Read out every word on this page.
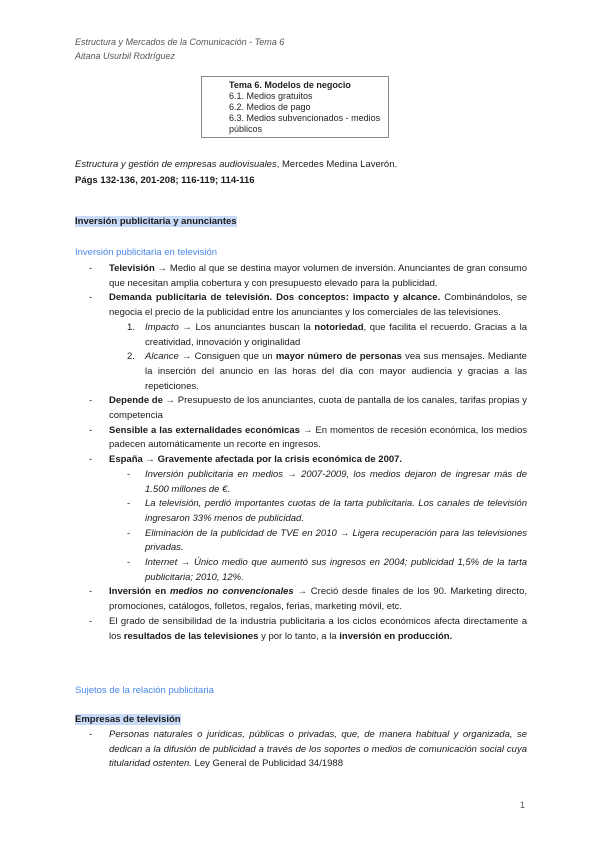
Estructura y Mercados de la Comunicación - Tema 6
Aitana Usurbil Rodríguez
Tema 6. Modelos de negocio
6.1. Medios gratuitos
6.2. Medios de pago
6.3. Medios subvencionados - medios públicos
Estructura y gestión de empresas audiovisuales, Mercedes Medina Laverón.
Págs 132-136, 201-208; 116-119; 114-116
Inversión publicitaria y anunciantes
Inversión publicitaria en televisión
- Televisión → Medio al que se destina mayor volumen de inversión. Anunciantes de gran consumo que necesitan amplia cobertura y con presupuesto elevado para la publicidad.
- Demanda publicitaria de televisión. Dos conceptos: impacto y alcance. Combinándolos, se negocia el precio de la publicidad entre los anunciantes y los comerciales de las televisiones.
1. Impacto → Los anunciantes buscan la notoriedad, que facilita el recuerdo. Gracias a la creatividad, innovación y originalidad
2. Alcance → Consiguen que un mayor número de personas vea sus mensajes. Mediante la inserción del anuncio en las horas del día con mayor audiencia y gracias a las repeticiones.
- Depende de → Presupuesto de los anunciantes, cuota de pantalla de los canales, tarifas propias y competencia
- Sensible a las externalidades económicas → En momentos de recesión económica, los medios padecen automáticamente un recorte en ingresos.
- España → Gravemente afectada por la crisis económica de 2007.
- Inversión publicitaria en medios → 2007-2009, los medios dejaron de ingresar más de 1.500 millones de €.
- La televisión, perdió importantes cuotas de la tarta publicitaria. Los canales de televisión ingresaron 33% menos de publicidad.
- Eliminación de la publicidad de TVE en 2010 → Ligera recuperación para las televisiones privadas.
- Internet → Único medio que aumentó sus ingresos en 2004; publicidad 1,5% de la tarta publicitaria; 2010, 12%.
- Inversión en medios no convencionales → Creció desde finales de los 90. Marketing directo, promociones, catálogos, folletos, regalos, ferias, marketing móvil, etc.
- El grado de sensibilidad de la industria publicitaria a los ciclos económicos afecta directamente a los resultados de las televisiones y por lo tanto, a la inversión en producción.
Sujetos de la relación publicitaria
Empresas de televisión
- Personas naturales o jurídicas, públicas o privadas, que, de manera habitual y organizada, se dedican a la difusión de publicidad a través de los soportes o medios de comunicación social cuya titularidad ostenten. Ley General de Publicidad 34/1988
1
